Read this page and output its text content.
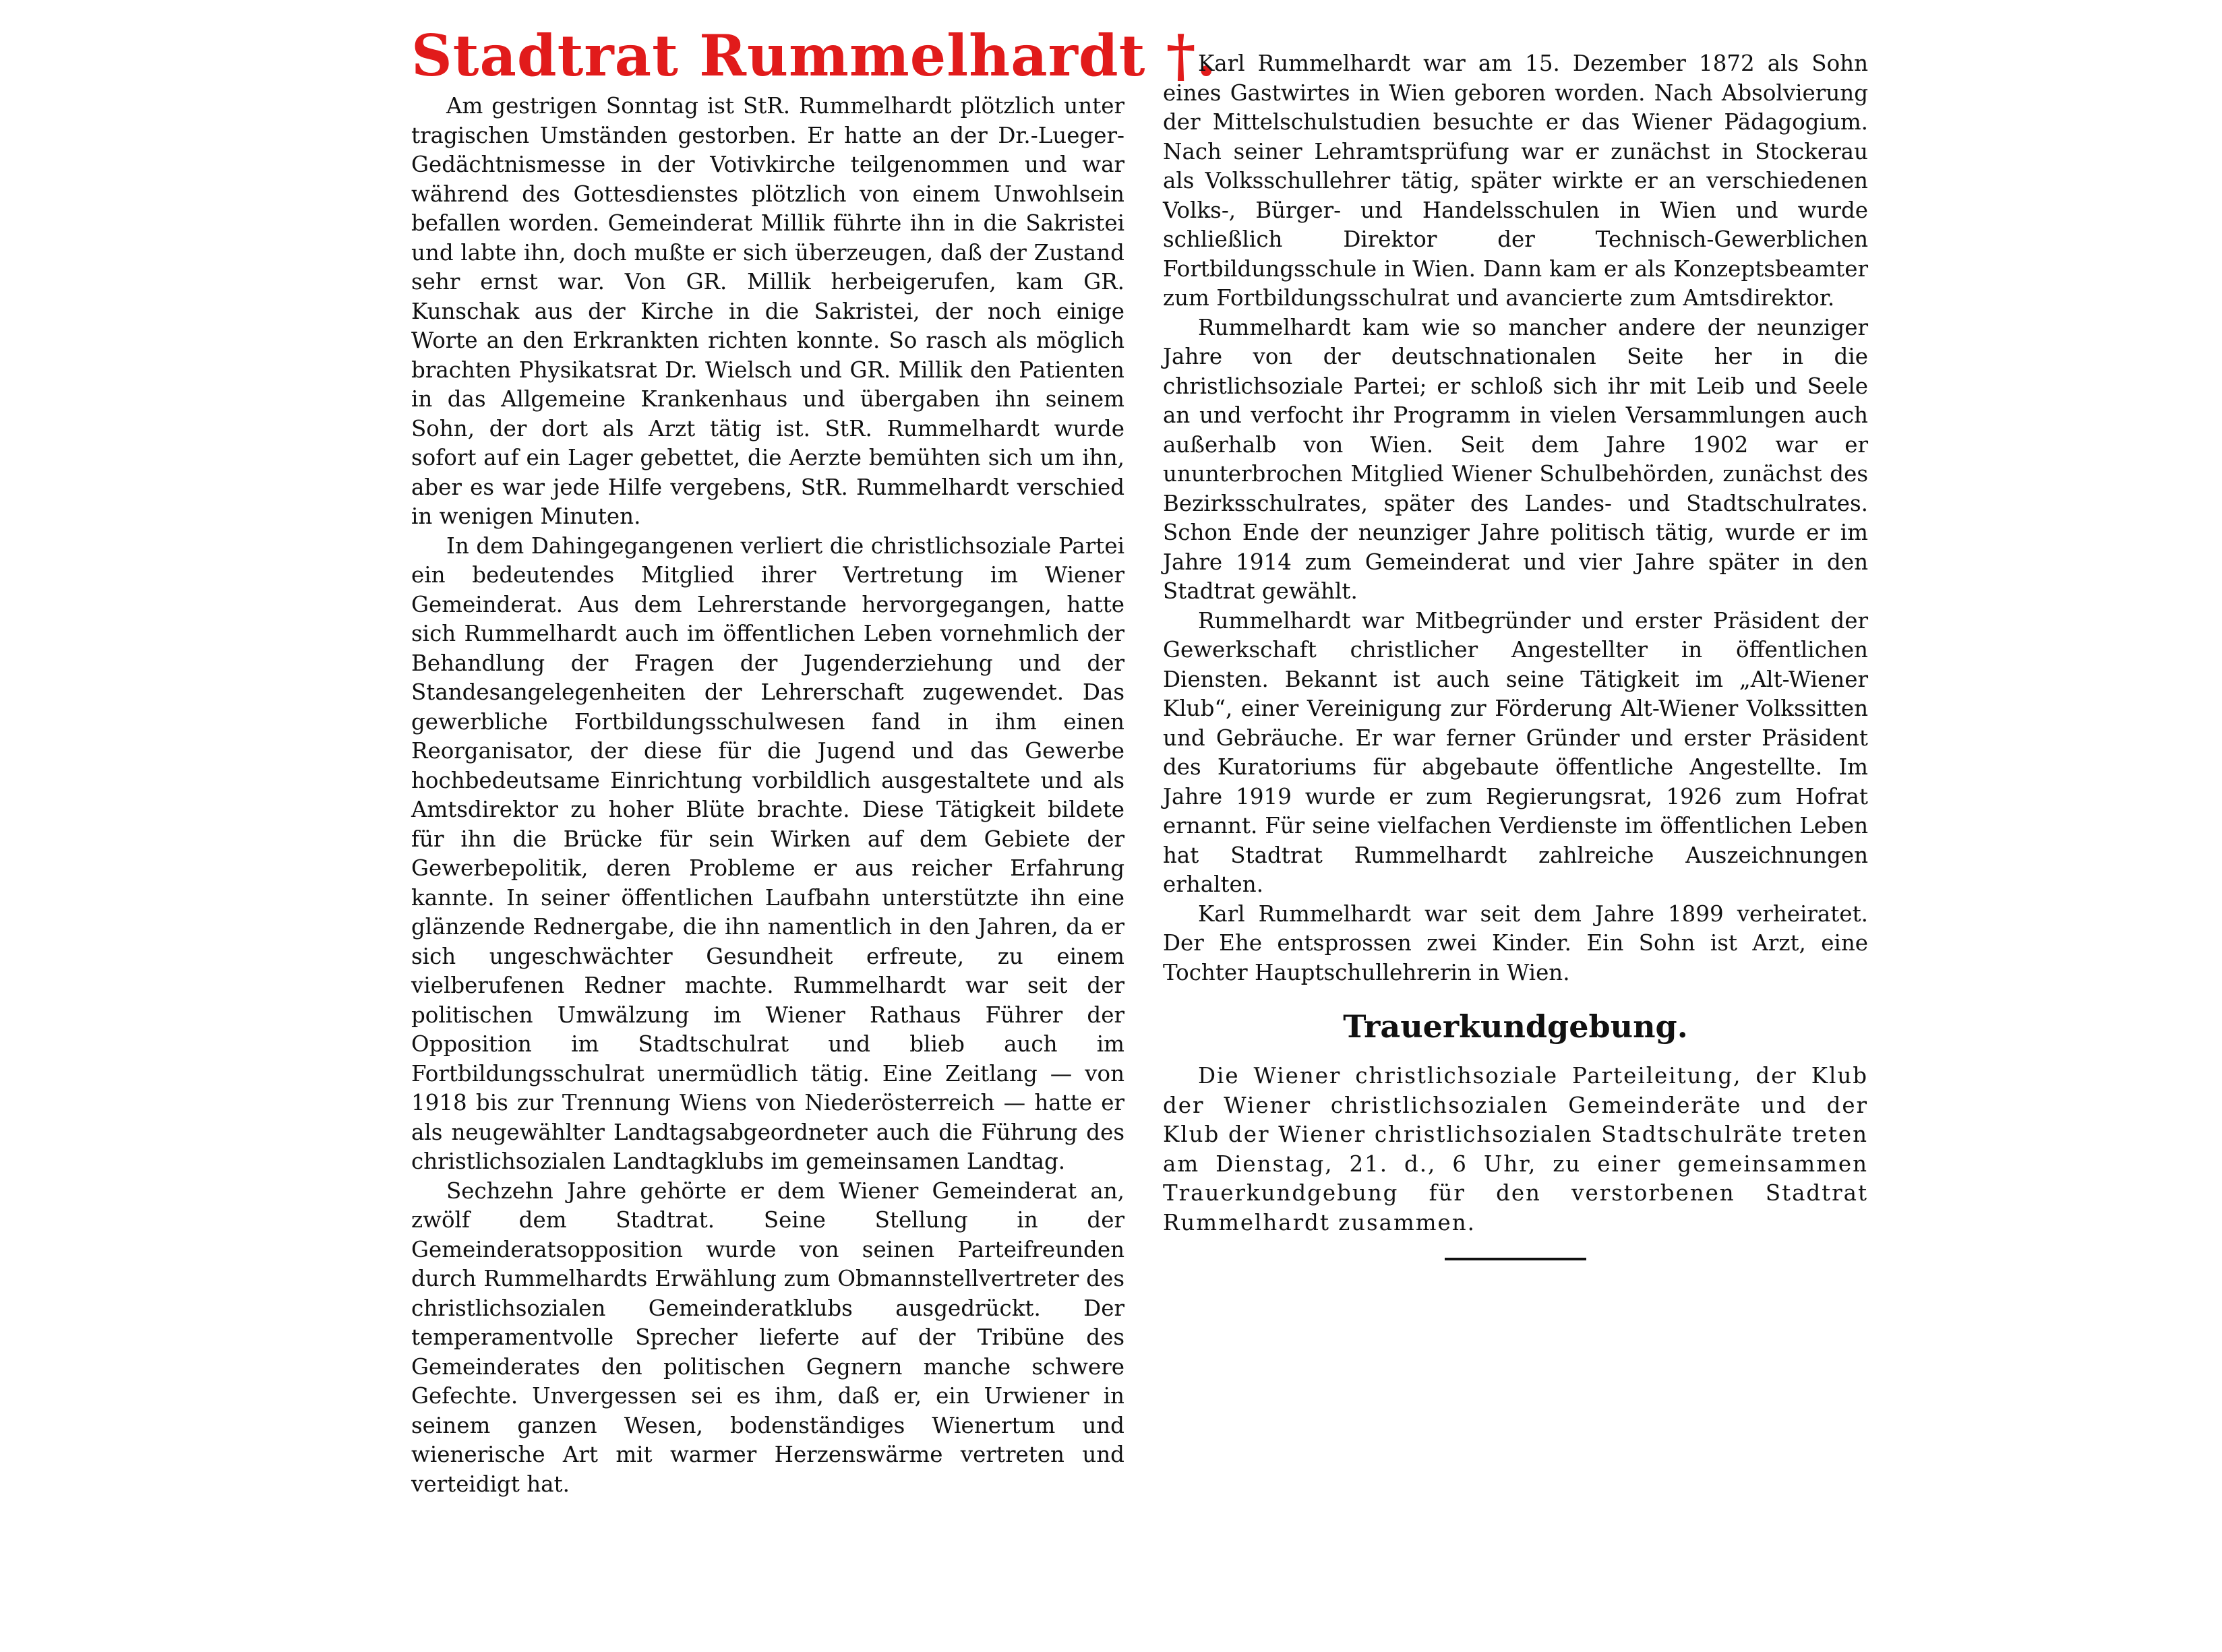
Stadtrat Rummelhardt †.

Am gestrigen Sonntag ist StR. Rummelhardt plötzlich unter tragischen Umständen gestorben. Er hatte an der Dr.-Lueger-Gedächtnismesse in der Votivkirche teilgenommen und war während des Gottesdienstes plötzlich von einem Unwohlsein befallen worden. Gemeinderat Millik führte ihn in die Sakristei und labte ihn, doch mußte er sich überzeugen, daß der Zustand sehr ernst war. Von GR. Millik herbeigerufen, kam GR. Kunschak aus der Kirche in die Sakristei, der noch einige Worte an den Erkrankten richten konnte. So rasch als möglich brachten Physikatsrat Dr. Wielsch und GR. Millik den Patienten in das Allgemeine Krankenhaus und übergaben ihn seinem Sohn, der dort als Arzt tätig ist. StR. Rummelhardt wurde sofort auf ein Lager gebettet, die Aerzte bemühten sich um ihn, aber es war jede Hilfe vergebens, StR. Rummelhardt verschied in wenigen Minuten.

In dem Dahingegangenen verliert die christlichsoziale Partei ein bedeutendes Mitglied ihrer Vertretung im Wiener Gemeinderat. Aus dem Lehrerstande hervorgegangen, hatte sich Rummelhardt auch im öffentlichen Leben vornehmlich der Behandlung der Fragen der Jugenderziehung und der Standesangelegenheiten der Lehrerschaft zugewendet. Das gewerbliche Fortbildungsschulwesen fand in ihm einen Reorganisator, der diese für die Jugend und das Gewerbe hochbedeutsame Einrichtung vorbildlich ausgestaltete und als Amtsdirektor zu hoher Blüte brachte. Diese Tätigkeit bildete für ihn die Brücke für sein Wirken auf dem Gebiete der Gewerbepolitik, deren Probleme er aus reicher Erfahrung kannte. In seiner öffentlichen Laufbahn unterstützte ihn eine glänzende Rednergabe, die ihn namentlich in den Jahren, da er sich ungeschwächter Gesundheit erfreute, zu einem vielberufenen Redner machte. Rummelhardt war seit der politischen Umwälzung im Wiener Rathaus Führer der Opposition im Stadtschulrat und blieb auch im Fortbildungsschulrat unermüdlich tätig. Eine Zeitlang — von 1918 bis zur Trennung Wiens von Niederösterreich — hatte er als neugewählter Landtagsabgeordneter auch die Führung des christlichsozialen Landtagklubs im gemeinsamen Landtag.

Sechzehn Jahre gehörte er dem Wiener Gemeinderat an, zwölf dem Stadtrat. Seine Stellung in der Gemeinderatsopposition wurde von seinen Parteifreunden durch Rummelhardts Erwählung zum Obmannstellvertreter des christlichsozialen Gemeinderatklubs ausgedrückt. Der temperamentvolle Sprecher lieferte auf der Tribüne des Gemeinderates den politischen Gegnern manche schwere Gefechte. Unvergessen sei es ihm, daß er, ein Urwiener in seinem ganzen Wesen, bodenständiges Wienertum und wienerische Art mit warmer Herzenswärme vertreten und verteidigt hat.

Karl Rummelhardt war am 15. Dezember 1872 als Sohn eines Gastwirtes in Wien geboren worden. Nach Absolvierung der Mittelschulstudien besuchte er das Wiener Pädagogium. Nach seiner Lehramtsprüfung war er zunächst in Stockerau als Volksschullehrer tätig, später wirkte er an verschiedenen Volks-, Bürger- und Handelsschulen in Wien und wurde schließlich Direktor der Technisch-Gewerblichen Fortbildungsschule in Wien. Dann kam er als Konzeptsbeamter zum Fortbildungsschulrat und avancierte zum Amtsdirektor.

Rummelhardt kam wie so mancher andere der neunziger Jahre von der deutschnationalen Seite her in die christlichsoziale Partei; er schloß sich ihr mit Leib und Seele an und verfocht ihr Programm in vielen Versammlungen auch außerhalb von Wien. Seit dem Jahre 1902 war er ununterbrochen Mitglied Wiener Schulbehörden, zunächst des Bezirksschulrates, später des Landes- und Stadtschulrates. Schon Ende der neunziger Jahre politisch tätig, wurde er im Jahre 1914 zum Gemeinderat und vier Jahre später in den Stadtrat gewählt.

Rummelhardt war Mitbegründer und erster Präsident der Gewerkschaft christlicher Angestellter in öffentlichen Diensten. Bekannt ist auch seine Tätigkeit im „Alt-Wiener Klub“, einer Vereinigung zur Förderung Alt-Wiener Volkssitten und Gebräuche. Er war ferner Gründer und erster Präsident des Kuratoriums für abgebaute öffentliche Angestellte. Im Jahre 1919 wurde er zum Regierungsrat, 1926 zum Hofrat ernannt. Für seine vielfachen Verdienste im öffentlichen Leben hat Stadtrat Rummelhardt zahlreiche Auszeichnungen erhalten.

Karl Rummelhardt war seit dem Jahre 1899 verheiratet. Der Ehe entsprossen zwei Kinder. Ein Sohn ist Arzt, eine Tochter Hauptschullehrerin in Wien.

Trauerkundgebung.

Die Wiener christlichsoziale Parteileitung, der Klub der Wiener christlichsozialen Gemeinderäte und der Klub der Wiener christlichsozialen Stadtschulräte treten am Dienstag, 21. d., 6 Uhr, zu einer gemeinsammen Trauerkundgebung für den verstorbenen Stadtrat Rummelhardt zusammen.
